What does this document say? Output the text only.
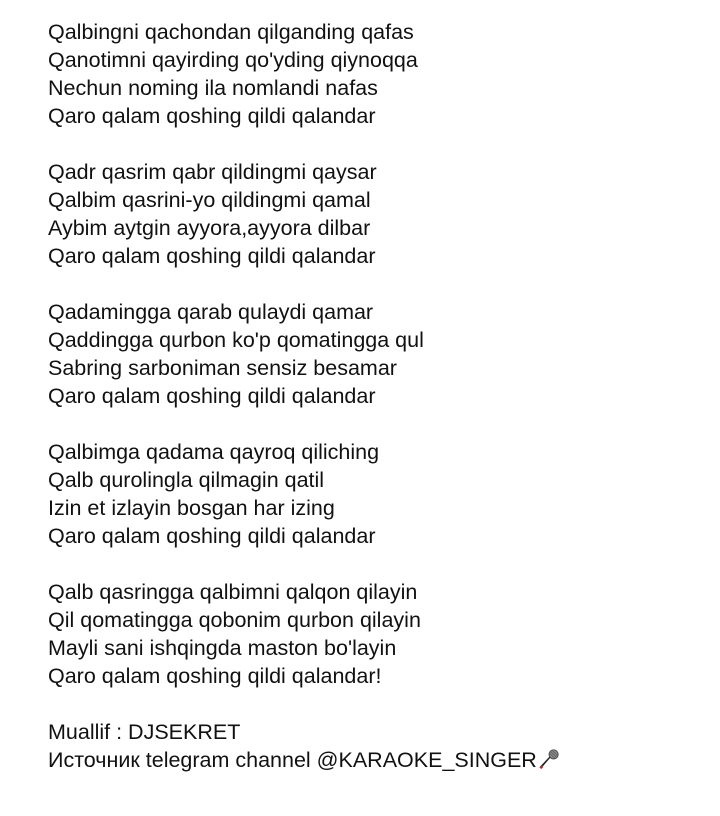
Qalbingni qachondan qilganding qafas
Qanotimni qayirding qo'yding qiynoqqa
Nechun noming ila nomlandi nafas
Qaro qalam qoshing qildi qalandar
Qadr qasrim qabr qildingmi qaysar
Qalbim qasrini-yo qildingmi qamal
Aybim aytgin ayyora,ayyora dilbar
Qaro qalam qoshing qildi qalandar
Qadamingga qarab qulaydi qamar
Qaddingga qurbon ko'p qomatingga qul
Sabring sarboniman sensiz besamar
Qaro qalam qoshing qildi qalandar
Qalbimga qadama qayroq qiliching
Qalb qurolingla qilmagin qatil
Izin et izlayin bosgan har izing
Qaro qalam qoshing qildi qalandar
Qalb qasringga qalbimni qalqon qilayin
Qil qomatingga qobonim qurbon qilayin
Mayli sani ishqingda maston bo'layin
Qaro qalam qoshing qildi qalandar!
Muallif : DJSEKRET
Источник telegram channel @KARAOKE_SINGER
